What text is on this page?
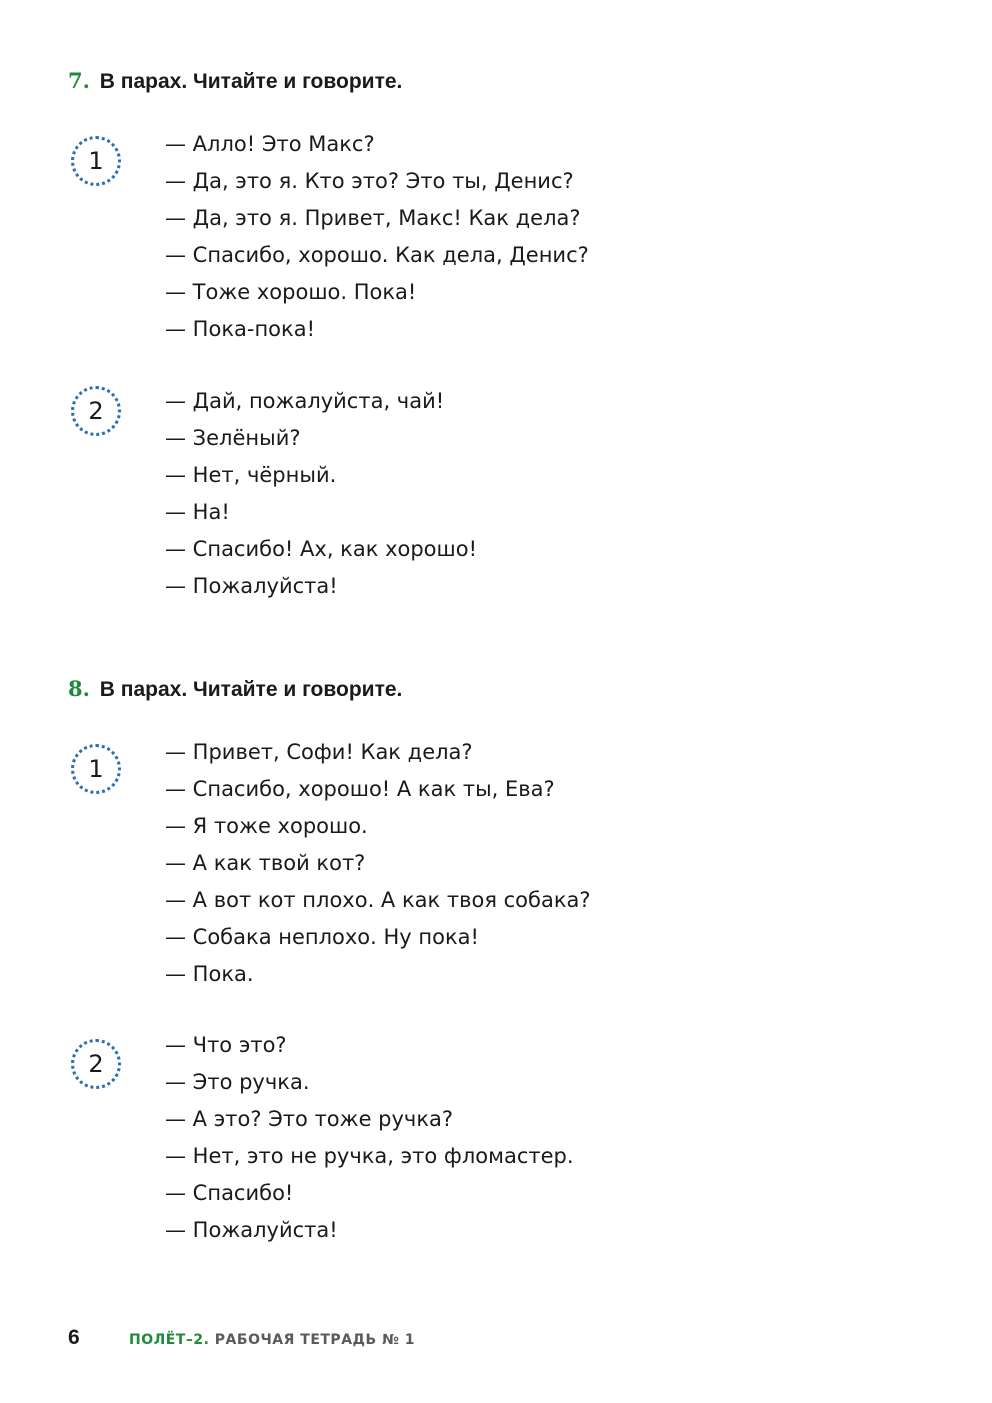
7. В парах. Читайте и говорите.
1
— Алло! Это Макс?
— Да, это я. Кто это? Это ты, Денис?
— Да, это я. Привет, Макс! Как дела?
— Спасибо, хорошо. Как дела, Денис?
— Тоже хорошо. Пока!
— Пока-пока!
2	— Дай, пожалуйста, чай!
— Зелёный?
— Нет, чёрный.
— На!
— Спасибо! Ах, как хорошо!
— Пожалуйста!
8. В парах. Читайте и говорите.
1
— Привет, Софи! Как дела?
— Спасибо, хорошо! А как ты, Ева?
— Я тоже хорошо.
— А как твой кот?
— А вот кот плохо. А как твоя собака?
— Собака неплохо. Ну пока!
— Пока.
2
— Что это?
— Это ручка.
— А это? Это тоже ручка?
— Нет, это не ручка, это фломастер.
— Спасибо!
— Пожалуйста!
6	ПОЛЁТ–2. РАБОЧАЯ ТЕТРАДЬ № 1
